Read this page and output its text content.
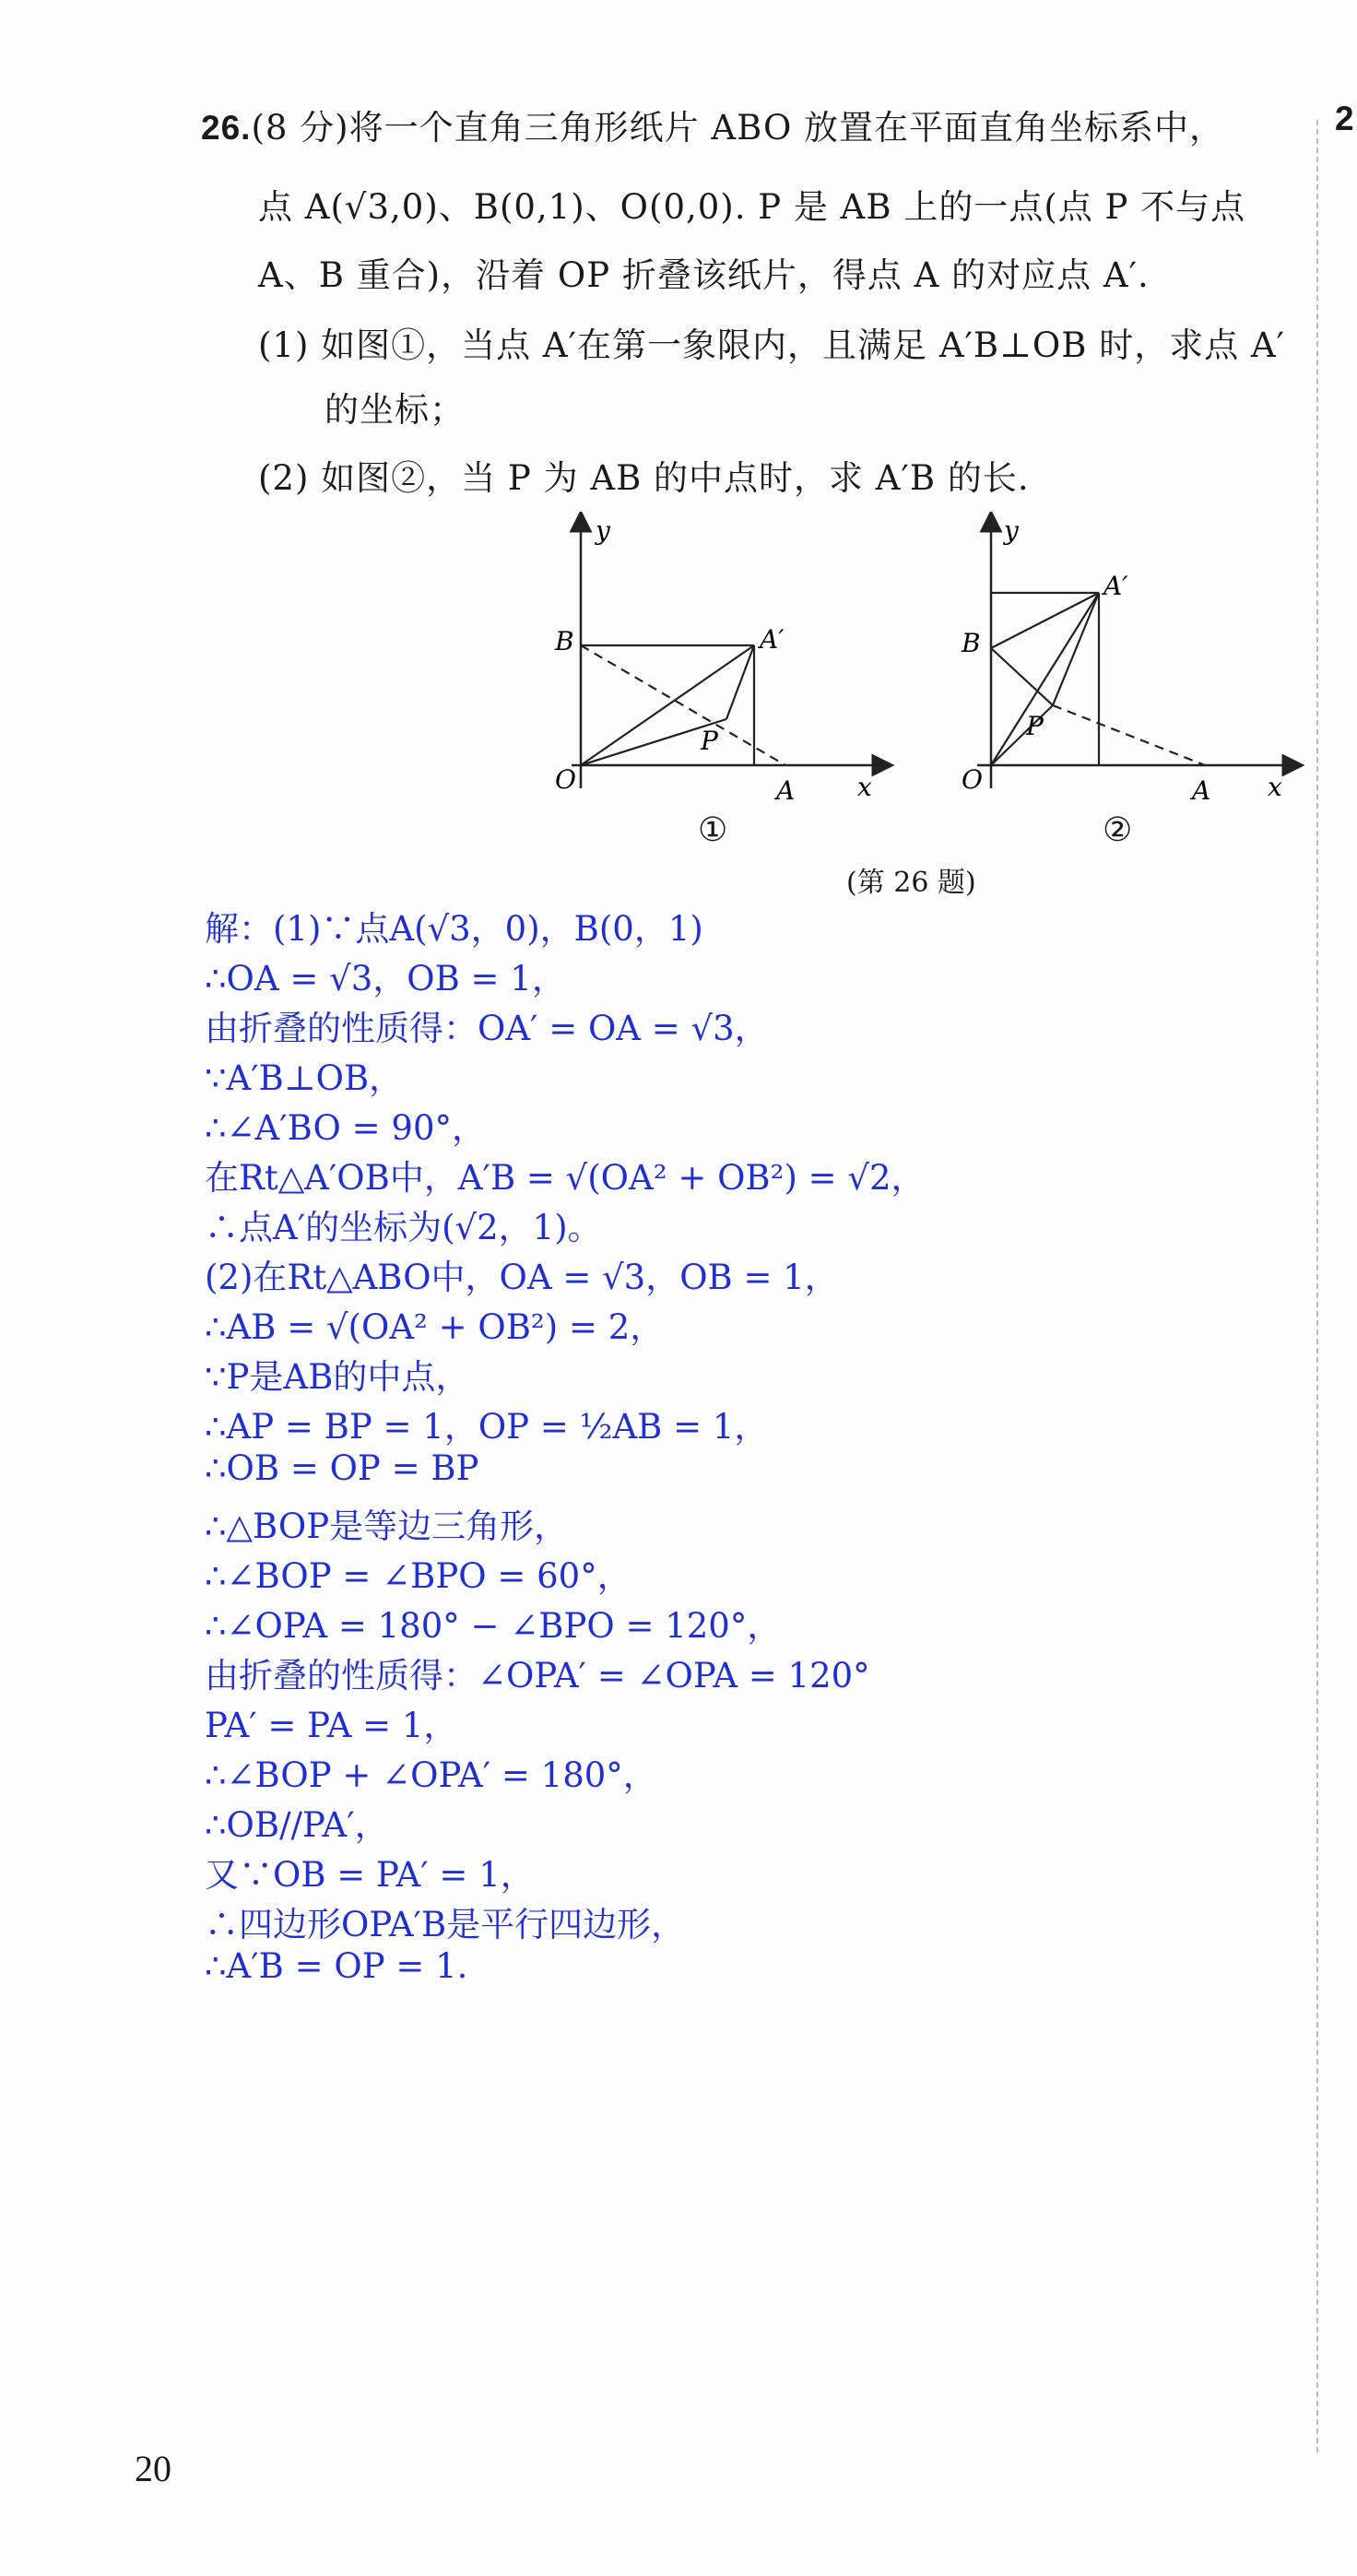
26.(8 分)将一个直角三角形纸片 ABO 放置在平面直角坐标系中，
点 A(√3,0)、B(0,1)、O(0,0). P 是 AB 上的一点(点 P 不与点
A、B 重合)，沿着 OP 折叠该纸片，得点 A 的对应点 A′.
(1) 如图①，当点 A′在第一象限内，且满足 A′B⊥OB 时，求点 A′
的坐标；
(2) 如图②，当 P 为 AB 的中点时，求 A′B 的长.
2
y
B	A′
P
O	A x
y
A′
B
P
O	A x
①	②
(第 26 题)
解：(1)∵点A(√3，0)，B(0，1)
∴OA = √3，OB = 1，
由折叠的性质得：OA′ = OA = √3，
∵A′B⊥OB，
∴∠A′BO = 90°，
在Rt△A′OB中，A′B = √(OA² + OB²) = √2，
∴点A′的坐标为(√2，1)。
(2)在Rt△ABO中，OA = √3，OB = 1，
∴AB = √(OA² + OB²) = 2，
∵P是AB的中点，
∴AP = BP = 1，OP = ½AB = 1，
∴OB = OP = BP
∴△BOP是等边三角形，
∴∠BOP = ∠BPO = 60°，
∴∠OPA = 180° − ∠BPO = 120°，
由折叠的性质得：∠OPA′ = ∠OPA = 120°
PA′ = PA = 1，
∴∠BOP + ∠OPA′ = 180°，
∴OB//PA′，
又∵OB = PA′ = 1，
∴四边形OPA′B是平行四边形，
∴A′B = OP = 1.
20
